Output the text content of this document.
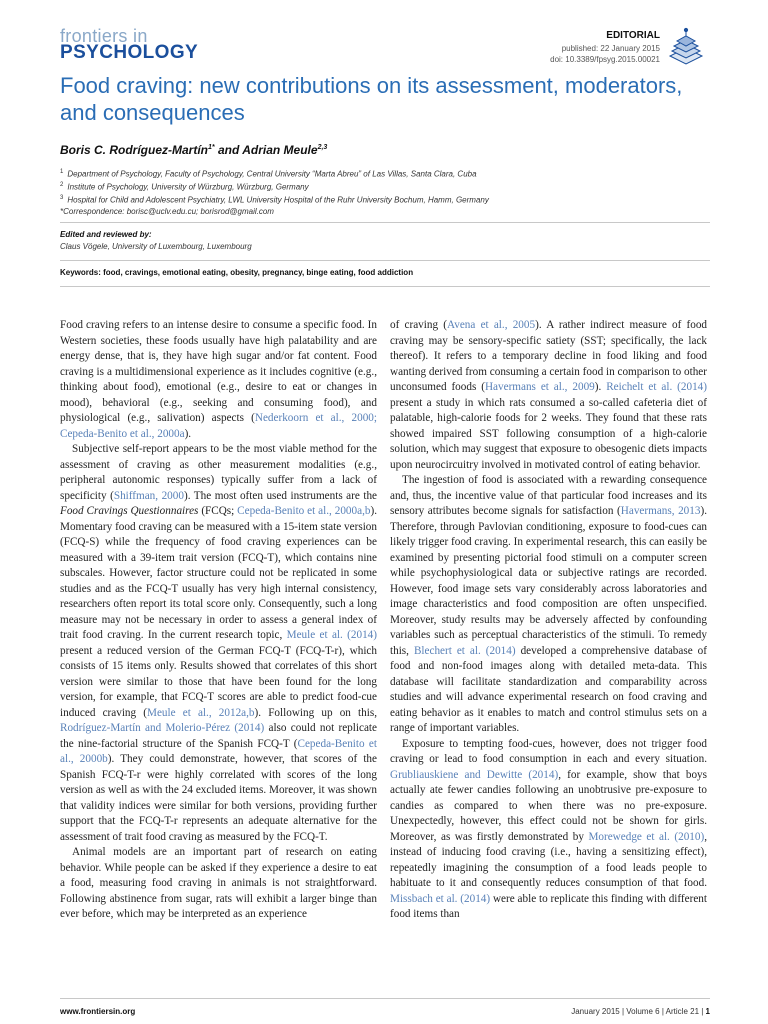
frontiers in
PSYCHOLOGY
EDITORIAL
published: 22 January 2015
doi: 10.3389/fpsyg.2015.00021
Food craving: new contributions on its assessment, moderators, and consequences
Boris C. Rodríguez-Martín$^{1*}$ and Adrian Meule$^{2,3}$
$^1$ Department of Psychology, Faculty of Psychology, Central University “Marta Abreu” of Las Villas, Santa Clara, Cuba
$^2$ Institute of Psychology, University of Würzburg, Würzburg, Germany
$^3$ Hospital for Child and Adolescent Psychiatry, LWL University Hospital of the Ruhr University Bochum, Hamm, Germany
*Correspondence: borisc@uclv.edu.cu; borisrod@gmail.com
Edited and reviewed by:
Claus Vögele, University of Luxembourg, Luxembourg
Keywords: food, cravings, emotional eating, obesity, pregnancy, binge eating, food addiction

Food craving refers to an intense desire to consume a specific food. In Western societies, these foods usually have high palatability and are energy dense, that is, they have high sugar and/or fat content. Food craving is a multidimensional experience as it includes cognitive (e.g., thinking about food), emotional (e.g., desire to eat or changes in mood), behavioral (e.g., seeking and consuming food), and physiological (e.g., salivation) aspects (Nederkoorn et al., 2000; Cepeda-Benito et al., 2000a).

Subjective self-report appears to be the most viable method for the assessment of craving as other measurement modalities (e.g., peripheral autonomic responses) typically suffer from a lack of specificity (Shiffman, 2000). The most often used instruments are the Food Cravings Questionnaires (FCQs; Cepeda-Benito et al., 2000a,b). Momentary food craving can be measured with a 15-item state version (FCQ-S) while the frequency of food craving experiences can be measured with a 39-item trait version (FCQ-T), which contains nine subscales. However, factor structure could not be replicated in some studies and as the FCQ-T usually has very high internal consistency, researchers often report its total score only. Consequently, such a long measure may not be necessary in order to assess a general index of trait food craving. In the current research topic, Meule et al. (2014) present a reduced version of the German FCQ-T (FCQ-T-r), which consists of 15 items only. Results showed that correlates of this short version were similar to those that have been found for the long version, for example, that FCQ-T scores are able to predict food-cue induced craving (Meule et al., 2012a,b). Following up on this, Rodríguez-Martín and Molerio-Pérez (2014) also could not replicate the nine-factorial structure of the Spanish FCQ-T (Cepeda-Benito et al., 2000b). They could demonstrate, however, that scores of the Spanish FCQ-T-r were highly correlated with scores of the long version as well as with the 24 excluded items. Moreover, it was shown that validity indices were similar for both versions, providing further support that the FCQ-T-r represents an adequate alternative for the assessment of trait food craving as measured by the FCQ-T.

Animal models are an important part of research on eating behavior. While people can be asked if they experience a desire to eat a food, measuring food craving in animals is not straightforward. Following abstinence from sugar, rats will exhibit a larger binge than ever before, which may be interpreted as an experience

of craving (Avena et al., 2005). A rather indirect measure of food craving may be sensory-specific satiety (SST; specifically, the lack thereof). It refers to a temporary decline in food liking and food wanting derived from consuming a certain food in comparison to other unconsumed foods (Havermans et al., 2009). Reichelt et al. (2014) present a study in which rats consumed a so-called cafeteria diet of palatable, high-calorie foods for 2 weeks. They found that these rats showed impaired SST following consumption of a high-calorie solution, which may suggest that exposure to obesogenic diets impacts upon neurocircuitry involved in motivated control of eating behavior.

The ingestion of food is associated with a rewarding consequence and, thus, the incentive value of that particular food increases and its sensory attributes become signals for satisfaction (Havermans, 2013). Therefore, through Pavlovian conditioning, exposure to food-cues can likely trigger food craving. In experimental research, this can easily be examined by presenting pictorial food stimuli on a computer screen while psychophysiological data or subjective ratings are recorded. However, food image sets vary considerably across laboratories and image characteristics and food composition are often unspecified. Moreover, study results may be adversely affected by confounding variables such as perceptual characteristics of the stimuli. To remedy this, Blechert et al. (2014) developed a comprehensive database of food and non-food images along with detailed meta-data. This database will facilitate standardization and comparability across studies and will advance experimental research on food craving and eating behavior as it enables to match and control stimulus sets on a range of important variables.

Exposure to tempting food-cues, however, does not trigger food craving or lead to food consumption in each and every situation. Grubliauskiene and Dewitte (2014), for example, show that boys actually ate fewer candies following an unobtrusive pre-exposure to candies as compared to when there was no pre-exposure. Unexpectedly, however, this effect could not be shown for girls. Moreover, as was firstly demonstrated by Morewedge et al. (2010), instead of inducing food craving (i.e., having a sensitizing effect), repeatedly imagining the consumption of a food leads people to habituate to it and consequently reduces consumption of that food. Missbach et al. (2014) were able to replicate this finding with different food items than

www.frontiersin.org	January 2015 | Volume 6 | Article 21 | 1
